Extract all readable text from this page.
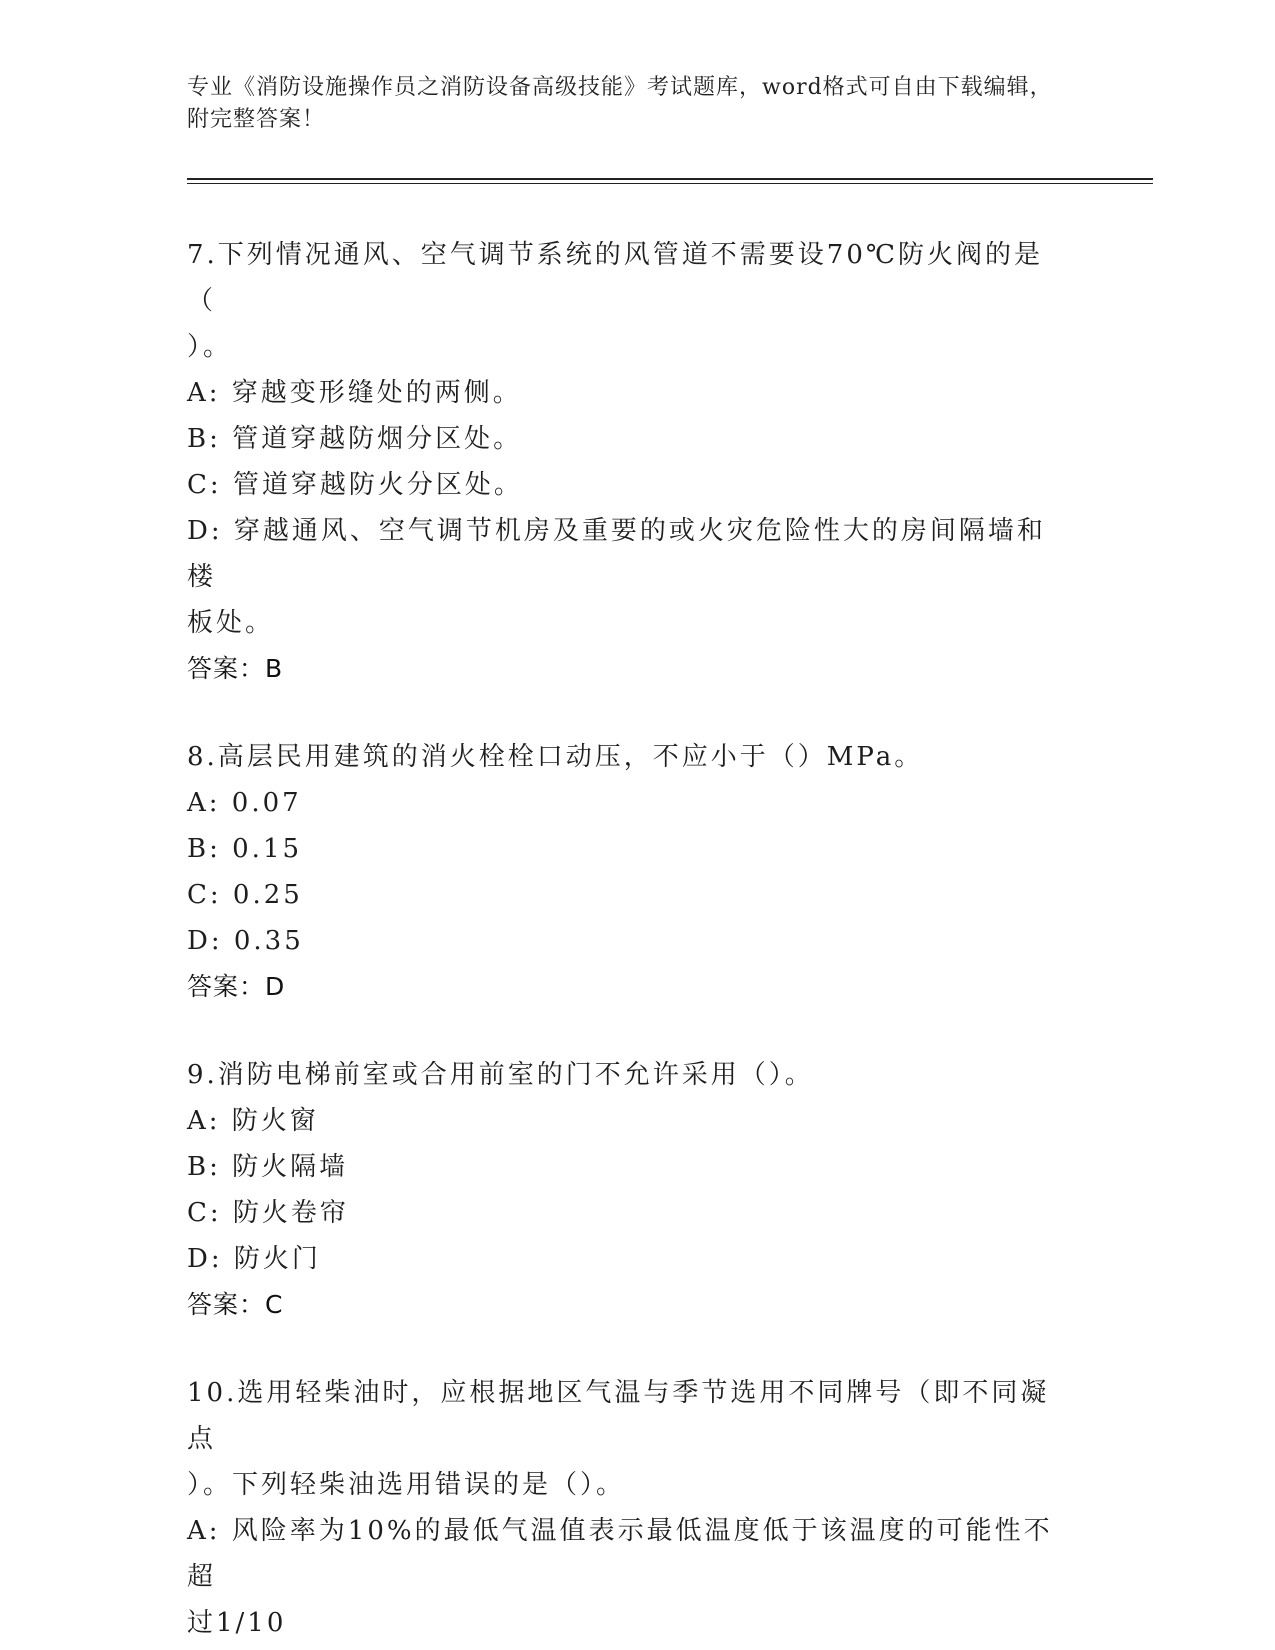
专业《消防设施操作员之消防设备高级技能》考试题库，word格式可自由下载编辑，附完整答案！
7.下列情况通风、空气调节系统的风管道不需要设70℃防火阀的是（
）。
A: 穿越变形缝处的两侧。
B: 管道穿越防烟分区处。
C: 管道穿越防火分区处。
D: 穿越通风、空气调节机房及重要的或火灾危险性大的房间隔墙和楼
板处。
答案：B
8.高层民用建筑的消火栓栓口动压，不应小于（）MPa。
A: 0.07
B: 0.15
C: 0.25
D: 0.35
答案：D
9.消防电梯前室或合用前室的门不允许采用（）。
A: 防火窗
B: 防火隔墙
C: 防火卷帘
D: 防火门
答案：C
10.选用轻柴油时，应根据地区气温与季节选用不同牌号（即不同凝点
）。下列轻柴油选用错误的是（）。
A: 风险率为10%的最低气温值表示最低温度低于该温度的可能性不超
过1/10
